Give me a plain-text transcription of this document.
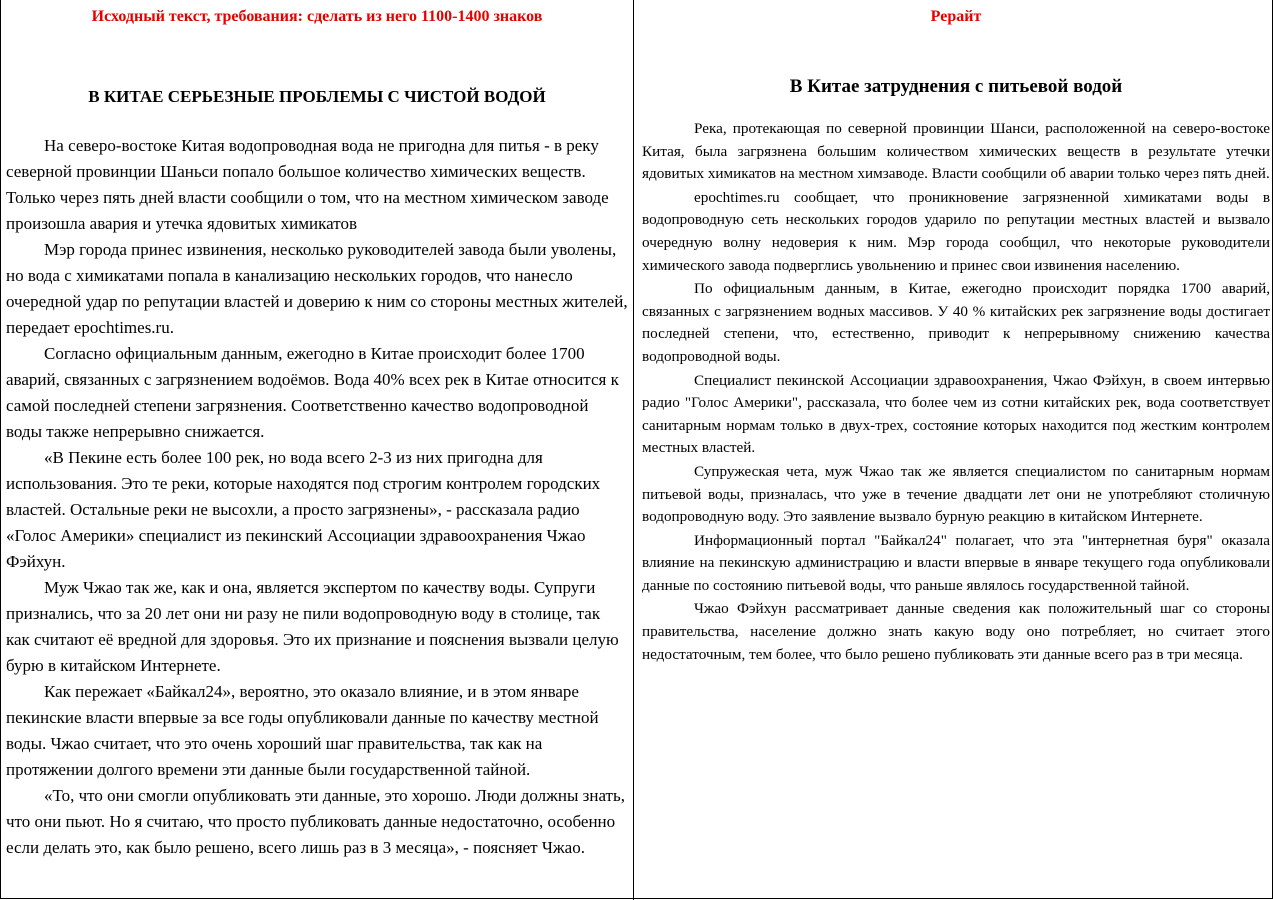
Исходный текст, требования: сделать из него 1100-1400 знаков
В КИТАЕ СЕРЬЕЗНЫЕ ПРОБЛЕМЫ С ЧИСТОЙ ВОДОЙ

На северо-востоке Китая водопроводная вода не пригодна для питья - в реку северной провинции Шаньси попало большое количество химических веществ. Только через пять дней власти сообщили о том, что на местном химическом заводе произошла авария и утечка ядовитых химикатов

Мэр города принес извинения, несколько руководителей завода были уволены, но вода с химикатами попала в канализацию нескольких городов, что нанесло очередной удар по репутации властей и доверию к ним со стороны местных жителей, передает epochtimes.ru.

Согласно официальным данным, ежегодно в Китае происходит более 1700 аварий, связанных с загрязнением водоёмов. Вода 40% всех рек в Китае относится к самой последней степени загрязнения. Соответственно качество водопроводной воды также непрерывно снижается.

«В Пекине есть более 100 рек, но вода всего 2-3 из них пригодна для использования. Это те реки, которые находятся под строгим контролем городских властей. Остальные реки не высохли, а просто загрязнены», - рассказала радио «Голос Америки» специалист из пекинский Ассоциации здравоохранения Чжао Фэйхун.

Муж Чжао так же, как и она, является экспертом по качеству воды. Супруги признались, что за 20 лет они ни разу не пили водопроводную воду в столице, так как считают её вредной для здоровья. Это их признание и пояснения вызвали целую бурю в китайском Интернете.

Как пережает «Байкал24», вероятно, это оказало влияние, и в этом январе пекинские власти впервые за все годы опубликовали данные по качеству местной воды. Чжао считает, что это очень хороший шаг правительства, так как на протяжении долгого времени эти данные были государственной тайной.

«То, что они смогли опубликовать эти данные, это хорошо. Люди должны знать, что они пьют. Но я считаю, что просто публиковать данные недостаточно, особенно если делать это, как было решено, всего лишь раз в 3 месяца», - поясняет Чжао.

Рерайт
В Китае затруднения с питьевой водой

Река, протекающая по северной провинции Шанси, расположенной на северо-востоке Китая, была загрязнена большим количеством химических веществ в результате утечки ядовитых химикатов на местном химзаводе. Власти сообщили об аварии только через пять дней.

epochtimes.ru сообщает, что проникновение загрязненной химикатами воды в водопроводную сеть нескольких городов ударило по репутации местных властей и вызвало очередную волну недоверия к ним. Мэр города сообщил, что некоторые руководители химического завода подверглись увольнению и принес свои извинения населению.

По официальным данным, в Китае, ежегодно происходит порядка 1700 аварий, связанных с загрязнением водных массивов. У 40 % китайских рек загрязнение воды достигает последней степени, что, естественно, приводит к непрерывному снижению качества водопроводной воды.

Специалист пекинской Ассоциации здравоохранения, Чжао Фэйхун, в своем интервью радио "Голос Америки", рассказала, что более чем из сотни китайских рек, вода соответствует санитарным нормам только в двух-трех, состояние которых находится под жестким контролем местных властей.

Супружеская чета, муж Чжао так же является специалистом по санитарным нормам питьевой воды, призналась, что уже в течение двадцати лет они не употребляют столичную водопроводную воду. Это заявление вызвало бурную реакцию в китайском Интернете.

Информационный портал "Байкал24" полагает, что эта "интернетная буря" оказала влияние на пекинскую администрацию и власти впервые в январе текущего года опубликовали данные по состоянию питьевой воды, что раньше являлось государственной тайной.

Чжао Фэйхун рассматривает данные сведения как положительный шаг со стороны правительства, население должно знать какую воду оно потребляет, но считает этого недостаточным, тем более, что было решено публиковать эти данные всего раз в три месяца.
